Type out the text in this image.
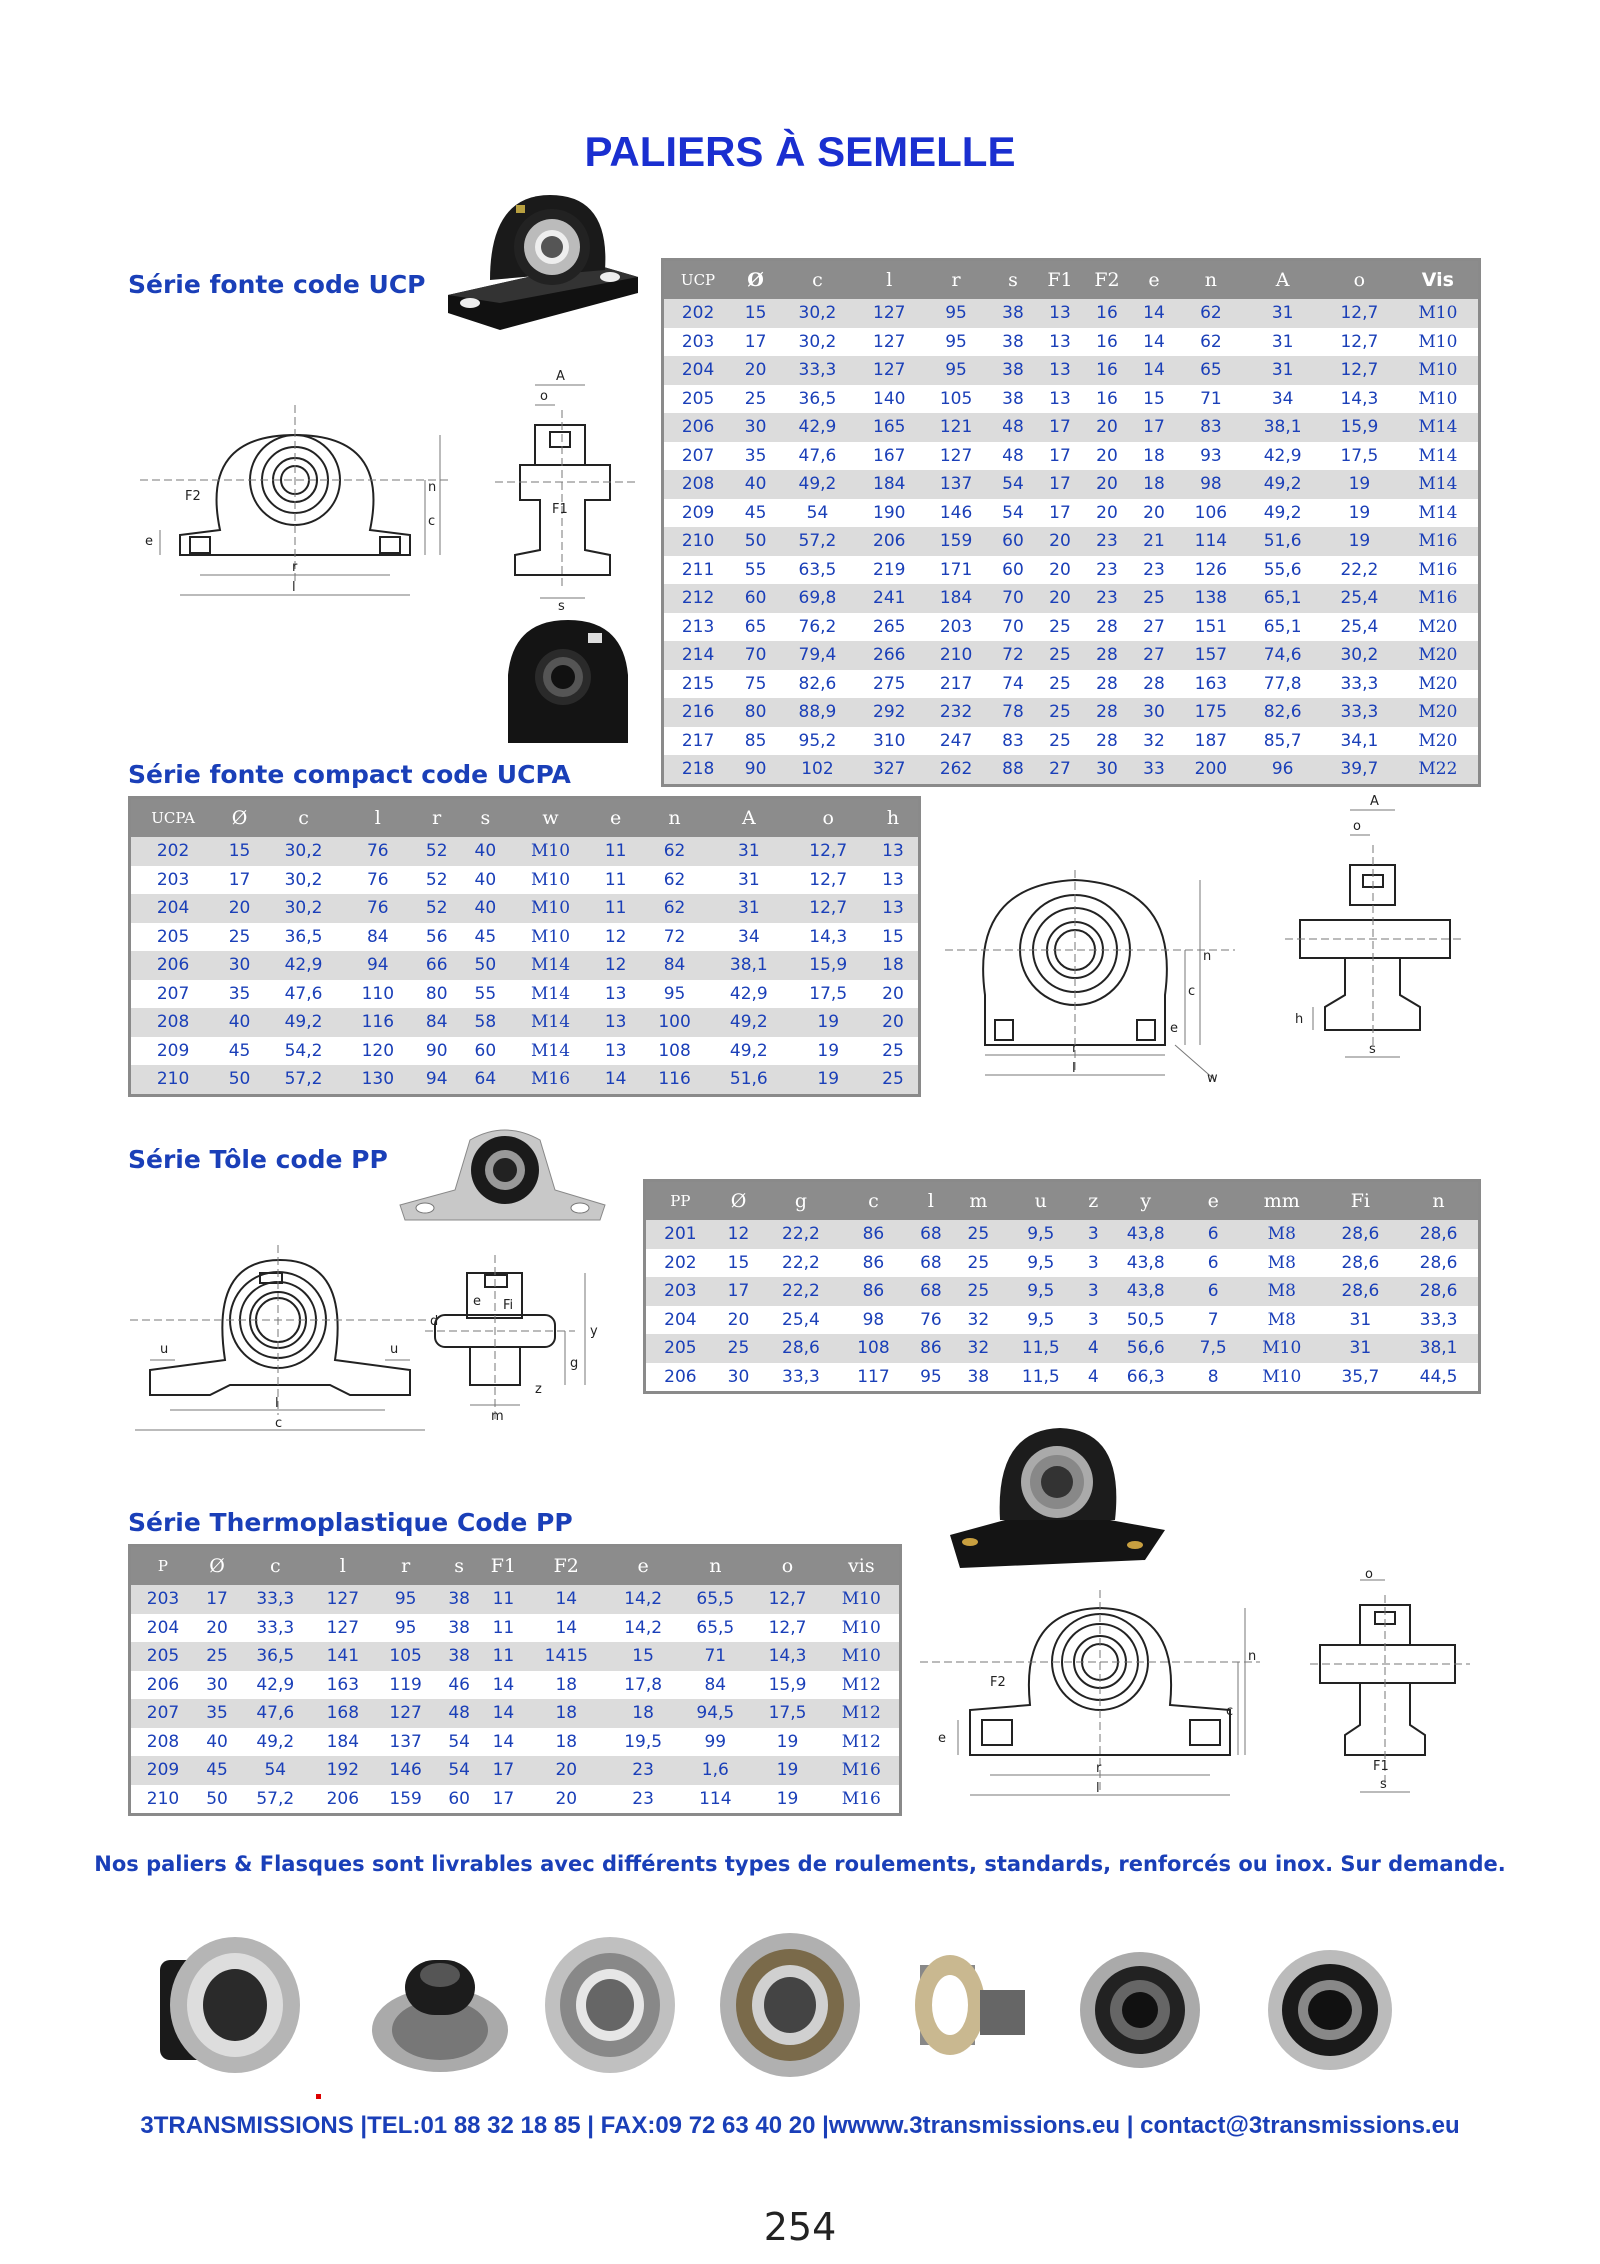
PALIERS À SEMELLE
Série fonte code UCP
Série fonte compact code UCPA
Série Tôle code PP
Série Thermoplastique Code PP
UCP	Ø	c	l	r	s	F1	F2	e	n	A	o	Vis
202	15	30,2	127	95	38	13	16	14	62	31	12,7	M10
203	17	30,2	127	95	38	13	16	14	62	31	12,7	M10
204	20	33,3	127	95	38	13	16	14	65	31	12,7	M10
205	25	36,5	140	105	38	13	16	15	71	34	14,3	M10
206	30	42,9	165	121	48	17	20	17	83	38,1	15,9	M14
207	35	47,6	167	127	48	17	20	18	93	42,9	17,5	M14
208	40	49,2	184	137	54	17	20	18	98	49,2	19	M14
209	45	54	190	146	54	17	20	20	106	49,2	19	M14
210	50	57,2	206	159	60	20	23	21	114	51,6	19	M16
211	55	63,5	219	171	60	20	23	23	126	55,6	22,2	M16
212	60	69,8	241	184	70	20	23	25	138	65,1	25,4	M16
213	65	76,2	265	203	70	25	28	27	151	65,1	25,4	M20
214	70	79,4	266	210	72	25	28	27	157	74,6	30,2	M20
215	75	82,6	275	217	74	25	28	28	163	77,8	33,3	M20
216	80	88,9	292	232	78	25	28	30	175	82,6	33,3	M20
217	85	95,2	310	247	83	25	28	32	187	85,7	34,1	M20
218	90	102	327	262	88	27	30	33	200	96	39,7	M22
UCPA	Ø	c	l	r	s	w	e	n	A	o	h
202	15	30,2	76	52	40	M10	11	62	31	12,7	13
203	17	30,2	76	52	40	M10	11	62	31	12,7	13
204	20	30,2	76	52	40	M10	11	62	31	12,7	13
205	25	36,5	84	56	45	M10	12	72	34	14,3	15
206	30	42,9	94	66	50	M14	12	84	38,1	15,9	18
207	35	47,6	110	80	55	M14	13	95	42,9	17,5	20
208	40	49,2	116	84	58	M14	13	100	49,2	19	20
209	45	54,2	120	90	60	M14	13	108	49,2	19	25
210	50	57,2	130	94	64	M16	14	116	51,6	19	25
PP	Ø	g	c	l	m	u	z	y	e	mm	Fi	n
201	12	22,2	86	68	25	9,5	3	43,8	6	M8	28,6	28,6
202	15	22,2	86	68	25	9,5	3	43,8	6	M8	28,6	28,6
203	17	22,2	86	68	25	9,5	3	43,8	6	M8	28,6	28,6
204	20	25,4	98	76	32	9,5	3	50,5	7	M8	31	33,3
205	25	28,6	108	86	32	11,5	4	56,6	7,5	M10	31	38,1
206	30	33,3	117	95	38	11,5	4	66,3	8	M10	35,7	44,5
P	Ø	c	l	r	s	F1	F2	e	n	o	vis
203	17	33,3	127	95	38	11	14	14,2	65,5	12,7	M10
204	20	33,3	127	95	38	11	14	14,2	65,5	12,7	M10
205	25	36,5	141	105	38	11	1415	15	71	14,3	M10
206	30	42,9	163	119	46	14	18	17,8	84	15,9	M12
207	35	47,6	168	127	48	14	18	18	94,5	17,5	M12
208	40	49,2	184	137	54	14	18	19,5	99	19	M12
209	45	54	192	146	54	17	20	23	1,6	19	M16
210	50	57,2	206	159	60	17	20	23	114	19	M16
F2
e
r
l
n
c
A
o
F1
s
n
c
e
r
l
w
A
o
h
s
u	u
l
c
e Fi
d
y
g
z
m
F2
e
r
l
n
c
o
F1
s
Nos paliers & Flasques sont livrables avec différents types de roulements, standards, renforcés ou inox. Sur demande.
3TRANSMISSIONS |TEL:01 88 32 18 85 | FAX:09 72 63 40 20 |wwww.3transmissions.eu | contact@3transmissions.eu
254
